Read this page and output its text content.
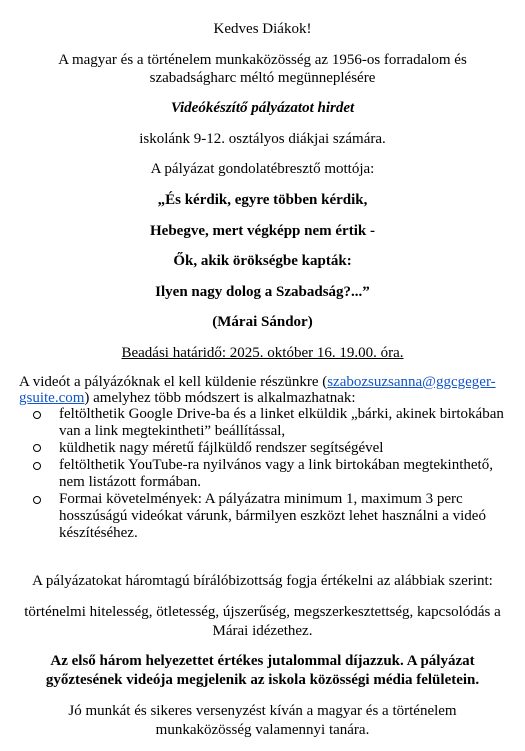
Kedves Diákok!
A magyar és a történelem munkaközösség az 1956-os forradalom és
szabadságharc méltó megünneplésére
Videókészítő pályázatot hirdet
iskolánk 9-12. osztályos diákjai számára.
A pályázat gondolatébresztő mottója:
„És kérdik, egyre többen kérdik,
Hebegve, mert végképp nem értik -
Ők, akik örökségbe kapták:
Ilyen nagy dolog a Szabadság?...”
(Márai Sándor)
Beadási határidő: 2025. október 16. 19.00. óra.
A videót a pályázóknak el kell küldenie részünkre (szabozsuzsanna@ggcgeger-
gsuite.com) amelyhez több módszert is alkalmazhatnak:
feltölthetik Google Drive-ba és a linket elküldik „bárki, akinek birtokában
van a link megtekintheti” beállítással,
küldhetik nagy méretű fájlküldő rendszer segítségével
feltölthetik YouTube-ra nyilvános vagy a link birtokában megtekinthető,
nem listázott formában.
Formai követelmények: A pályázatra minimum 1, maximum 3 perc
hosszúságú videókat várunk, bármilyen eszközt lehet használni a videó
készítéséhez.
A pályázatokat háromtagú bírálóbizottság fogja értékelni az alábbiak szerint:
történelmi hitelesség, ötletesség, újszerűség, megszerkesztettség, kapcsolódás a
Márai idézethez.
Az első három helyezettet értékes jutalommal díjazzuk. A pályázat
győztesének videója megjelenik az iskola közösségi média felületein.
Jó munkát és sikeres versenyzést kíván a magyar és a történelem
munkaközösség valamennyi tanára.
